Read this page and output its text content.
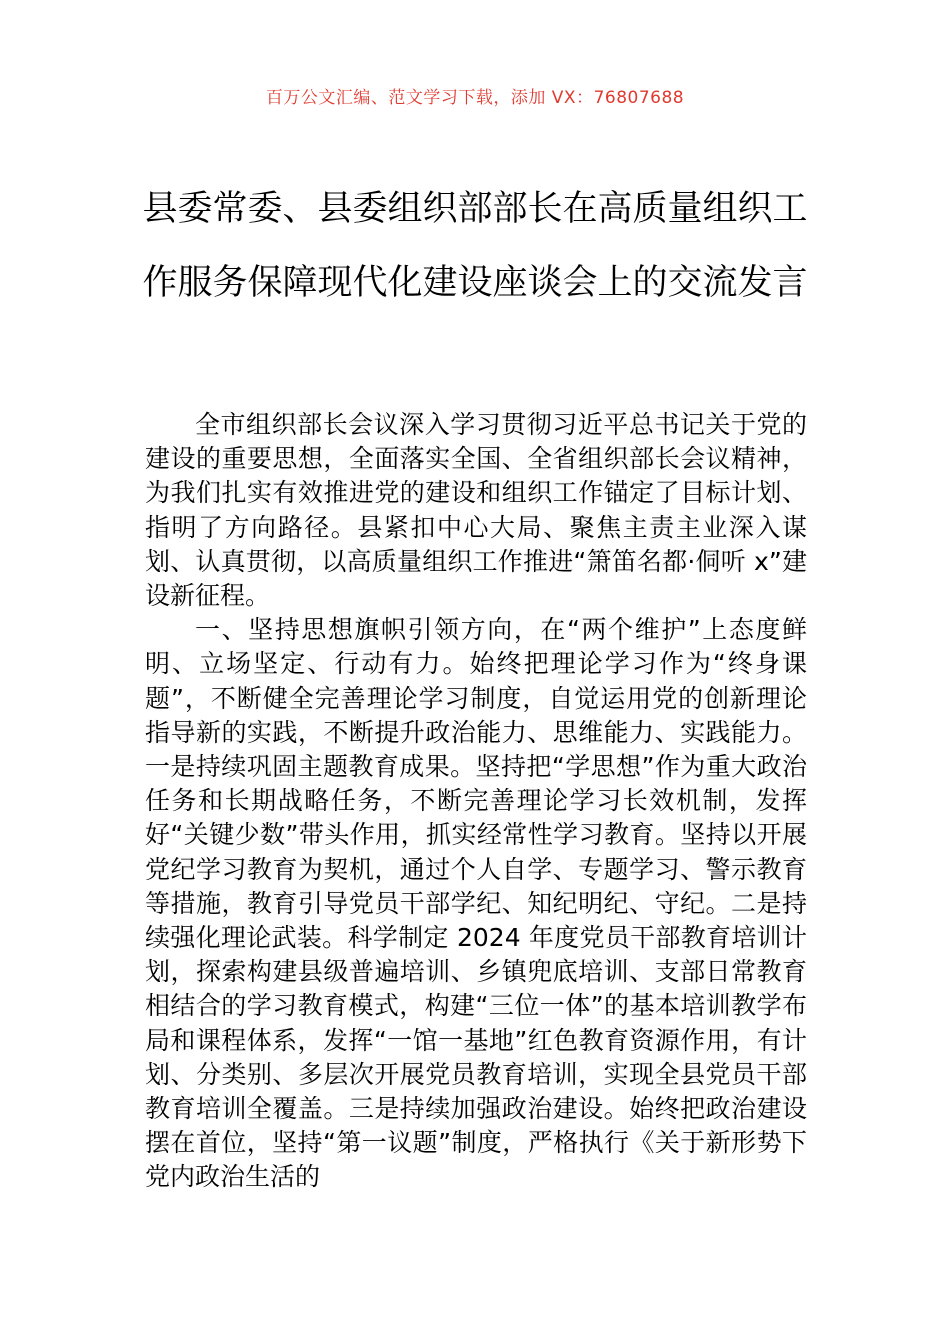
百万公文汇编、范文学习下载，添加 VX：76807688
县委常委、县委组织部部长在高质量组织工作服务保障现代化建设座谈会上的交流发言

全市组织部长会议深入学习贯彻习近平总书记关于党的建设的重要思想，全面落实全国、全省组织部长会议精神，为我们扎实有效推进党的建设和组织工作锚定了目标计划、指明了方向路径。县紧扣中心大局、聚焦主责主业深入谋划、认真贯彻，以高质量组织工作推进“箫笛名都·侗听 x”建设新征程。

一、坚持思想旗帜引领方向，在“两个维护”上态度鲜明、立场坚定、行动有力。始终把理论学习作为“终身课题”，不断健全完善理论学习制度，自觉运用党的创新理论指导新的实践，不断提升政治能力、思维能力、实践能力。一是持续巩固主题教育成果。坚持把“学思想”作为重大政治任务和长期战略任务，不断完善理论学习长效机制，发挥好“关键少数”带头作用，抓实经常性学习教育。坚持以开展党纪学习教育为契机，通过个人自学、专题学习、警示教育等措施，教育引导党员干部学纪、知纪明纪、守纪。二是持续强化理论武装。科学制定 2024 年度党员干部教育培训计划，探索构建县级普遍培训、乡镇兜底培训、支部日常教育相结合的学习教育模式，构建“三位一体”的基本培训教学布局和课程体系，发挥“一馆一基地”红色教育资源作用，有计划、分类别、多层次开展党员教育培训，实现全县党员干部教育培训全覆盖。三是持续加强政治建设。始终把政治建设摆在首位，坚持“第一议题”制度，严格执行《关于新形势下党内政治生活的
